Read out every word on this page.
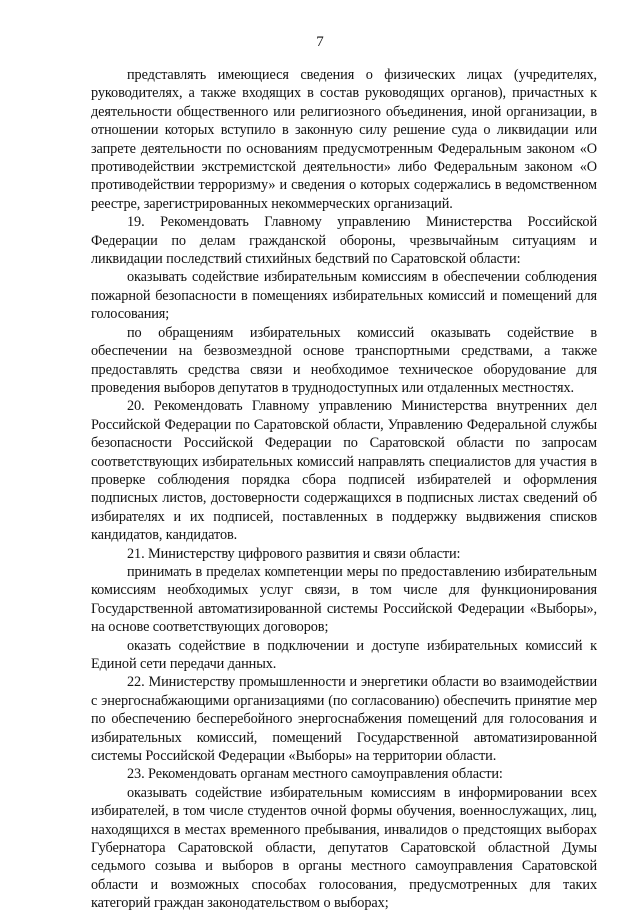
7

представлять имеющиеся сведения о физических лицах (учредителях, руководителях, а также входящих в состав руководящих органов), причастных к деятельности общественного или религиозного объединения, иной организации, в отношении которых вступило в законную силу решение суда о ликвидации или запрете деятельности по основаниям предусмотренным Федеральным законом «О противодействии экстремистской деятельности» либо Федеральным законом «О противодействии терроризму» и сведения о которых содержались в ведомственном реестре, зарегистрированных некоммерческих организаций.

19. Рекомендовать Главному управлению Министерства Российской Федерации по делам гражданской обороны, чрезвычайным ситуациям и ликвидации последствий стихийных бедствий по Саратовской области:

оказывать содействие избирательным комиссиям в обеспечении соблюдения пожарной безопасности в помещениях избирательных комиссий и помещений для голосования;

по обращениям избирательных комиссий оказывать содействие в обеспечении на безвозмездной основе транспортными средствами, а также предоставлять средства связи и необходимое техническое оборудование для проведения выборов депутатов в труднодоступных или отдаленных местностях.

20. Рекомендовать Главному управлению Министерства внутренних дел Российской Федерации по Саратовской области, Управлению Федеральной службы безопасности Российской Федерации по Саратовской области по запросам соответствующих избирательных комиссий направлять специалистов для участия в проверке соблюдения порядка сбора подписей избирателей и оформления подписных листов, достоверности содержащихся в подписных листах сведений об избирателях и их подписей, поставленных в поддержку выдвижения списков кандидатов, кандидатов.

21. Министерству цифрового развития и связи области:

принимать в пределах компетенции меры по предоставлению избирательным комиссиям необходимых услуг связи, в том числе для функционирования Государственной автоматизированной системы Российской Федерации «Выборы», на основе соответствующих договоров;

оказать содействие в подключении и доступе избирательных комиссий к Единой сети передачи данных.

22. Министерству промышленности и энергетики области во взаимодействии с энергоснабжающими организациями (по согласованию) обеспечить принятие мер по обеспечению бесперебойного энергоснабжения помещений для голосования и избирательных комиссий, помещений Государственной автоматизированной системы Российской Федерации «Выборы» на территории области.

23. Рекомендовать органам местного самоуправления области:

оказывать содействие избирательным комиссиям в информировании всех избирателей, в том числе студентов очной формы обучения, военнослужащих, лиц, находящихся в местах временного пребывания, инвалидов о предстоящих выборах Губернатора Саратовской области, депутатов Саратовской областной Думы седьмого созыва и выборов в органы местного самоуправления Саратовской области и возможных способах голосования, предусмотренных для таких категорий граждан законодательством о выборах;
